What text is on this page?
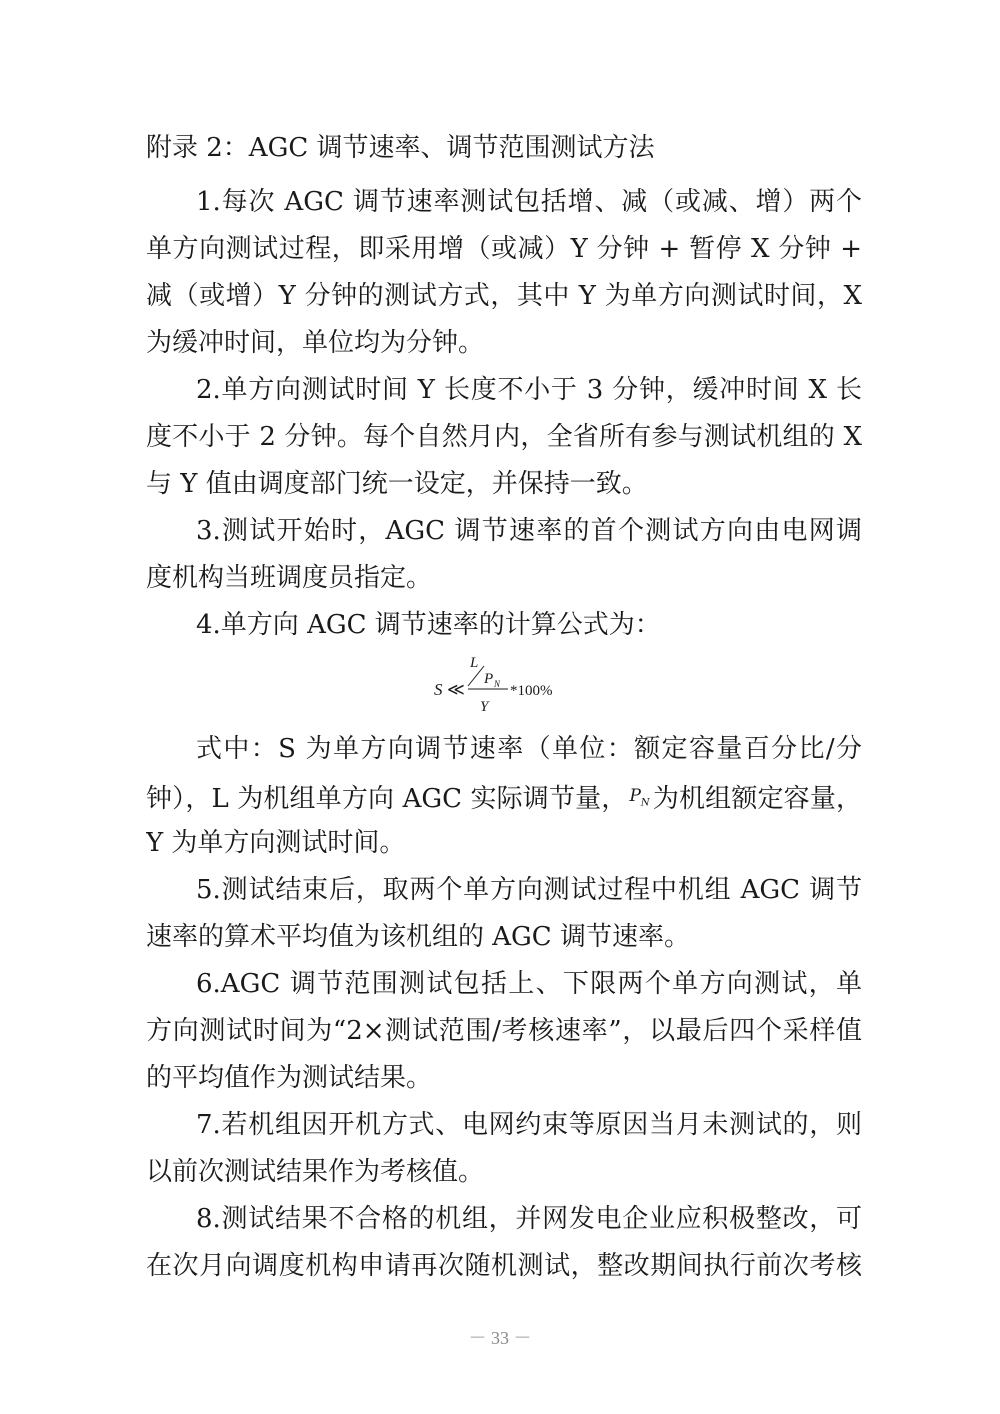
附录 2：AGC 调节速率、调节范围测试方法
1.每次 AGC 调节速率测试包括增、减（或减、增）两个
单方向测试过程，即采用增（或减）Y 分钟 + 暂停 X 分钟 +
减（或增）Y 分钟的测试方式，其中 Y 为单方向测试时间，X
为缓冲时间，单位均为分钟。
2.单方向测试时间 Y 长度不小于 3 分钟，缓冲时间 X 长
度不小于 2 分钟。每个自然月内，全省所有参与测试机组的 X
与 Y 值由调度部门统一设定，并保持一致。
3.测试开始时，AGC 调节速率的首个测试方向由电网调
度机构当班调度员指定。
4.单方向 AGC 调节速率的计算公式为：
S ≪
L
P N
Y
*100%
式中：S 为单方向调节速率（单位：额定容量百分比/分
钟），L 为机组单方向 AGC 实际调节量， $P_N$ 为机组额定容量，
Y 为单方向测试时间。
5.测试结束后，取两个单方向测试过程中机组 AGC 调节
速率的算术平均值为该机组的 AGC 调节速率。
6.AGC 调节范围测试包括上、下限两个单方向测试，单
方向测试时间为“2×测试范围/考核速率”，以最后四个采样值
的平均值作为测试结果。
7.若机组因开机方式、电网约束等原因当月未测试的，则
以前次测试结果作为考核值。
8.测试结果不合格的机组，并网发电企业应积极整改，可
在次月向调度机构申请再次随机测试，整改期间执行前次考核
－ 33 －
